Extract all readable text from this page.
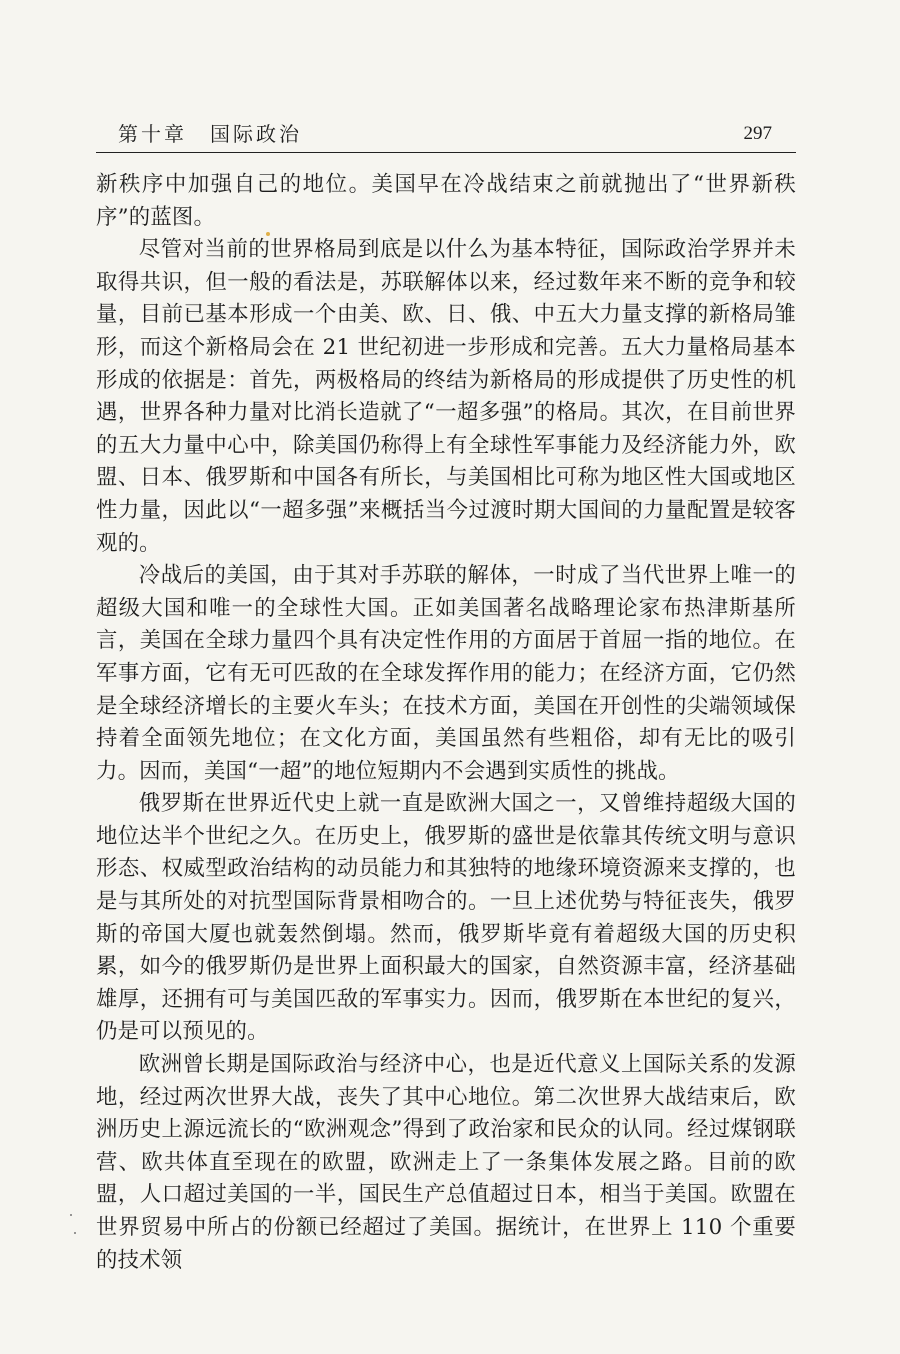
第十章　国际政治	297

新秩序中加强自己的地位。美国早在冷战结束之前就抛出了“世界新秩序”的蓝图。

尽管对当前的世界格局到底是以什么为基本特征，国际政治学界并未取得共识，但一般的看法是，苏联解体以来，经过数年来不断的竞争和较量，目前已基本形成一个由美、欧、日、俄、中五大力量支撑的新格局雏形，而这个新格局会在 21 世纪初进一步形成和完善。五大力量格局基本形成的依据是：首先，两极格局的终结为新格局的形成提供了历史性的机遇，世界各种力量对比消长造就了“一超多强”的格局。其次，在目前世界的五大力量中心中，除美国仍称得上有全球性军事能力及经济能力外，欧盟、日本、俄罗斯和中国各有所长，与美国相比可称为地区性大国或地区性力量，因此以“一超多强”来概括当今过渡时期大国间的力量配置是较客观的。

冷战后的美国，由于其对手苏联的解体，一时成了当代世界上唯一的超级大国和唯一的全球性大国。正如美国著名战略理论家布热津斯基所言，美国在全球力量四个具有决定性作用的方面居于首屈一指的地位。在军事方面，它有无可匹敌的在全球发挥作用的能力；在经济方面，它仍然是全球经济增长的主要火车头；在技术方面，美国在开创性的尖端领域保持着全面领先地位；在文化方面，美国虽然有些粗俗，却有无比的吸引力。因而，美国“一超”的地位短期内不会遇到实质性的挑战。

俄罗斯在世界近代史上就一直是欧洲大国之一，又曾维持超级大国的地位达半个世纪之久。在历史上，俄罗斯的盛世是依靠其传统文明与意识形态、权威型政治结构的动员能力和其独特的地缘环境资源来支撑的，也是与其所处的对抗型国际背景相吻合的。一旦上述优势与特征丧失，俄罗斯的帝国大厦也就轰然倒塌。然而，俄罗斯毕竟有着超级大国的历史积累，如今的俄罗斯仍是世界上面积最大的国家，自然资源丰富，经济基础雄厚，还拥有可与美国匹敌的军事实力。因而，俄罗斯在本世纪的复兴，仍是可以预见的。

欧洲曾长期是国际政治与经济中心，也是近代意义上国际关系的发源地，经过两次世界大战，丧失了其中心地位。第二次世界大战结束后，欧洲历史上源远流长的“欧洲观念”得到了政治家和民众的认同。经过煤钢联营、欧共体直至现在的欧盟，欧洲走上了一条集体发展之路。目前的欧盟，人口超过美国的一半，国民生产总值超过日本，相当于美国。欧盟在世界贸易中所占的份额已经超过了美国。据统计，在世界上 110 个重要的技术领
